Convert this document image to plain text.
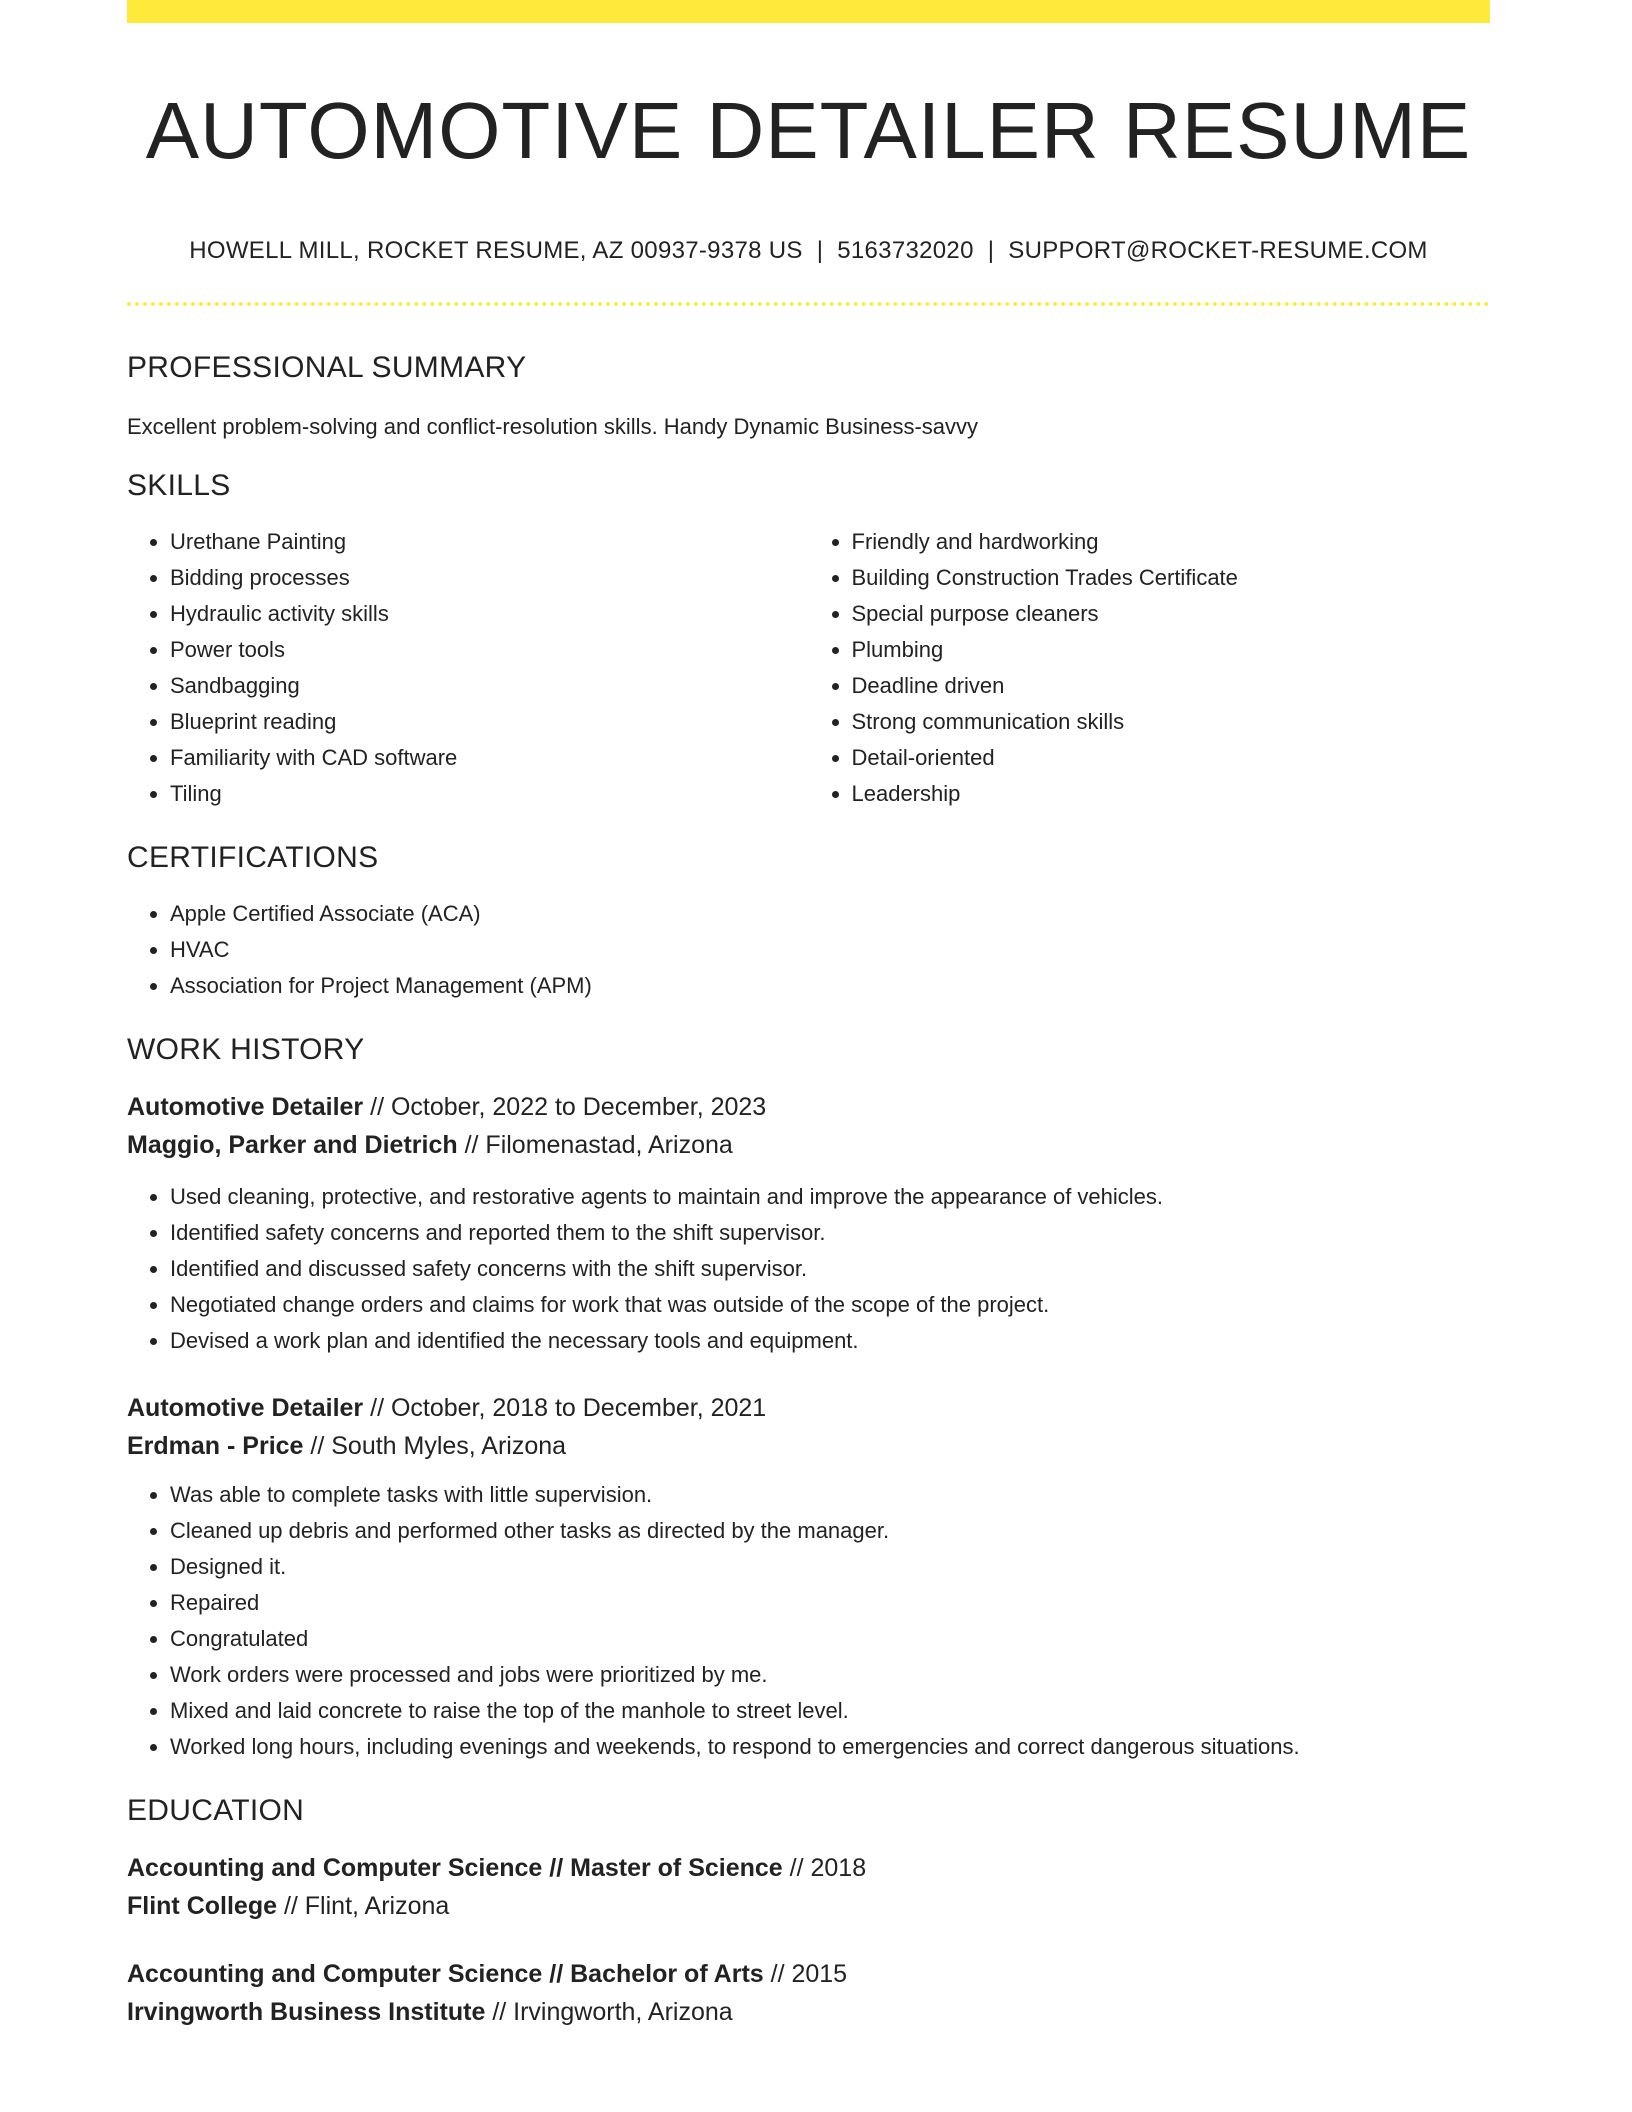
AUTOMOTIVE DETAILER RESUME
HOWELL MILL, ROCKET RESUME, AZ 00937-9378 US | 5163732020 | SUPPORT@ROCKET-RESUME.COM
PROFESSIONAL SUMMARY
Excellent problem-solving and conflict-resolution skills. Handy Dynamic Business-savvy
SKILLS
• Urethane Painting
• Bidding processes
• Hydraulic activity skills
• Power tools
• Sandbagging
• Blueprint reading
• Familiarity with CAD software
• Tiling
• Friendly and hardworking
• Building Construction Trades Certificate
• Special purpose cleaners
• Plumbing
• Deadline driven
• Strong communication skills
• Detail-oriented
• Leadership
CERTIFICATIONS
• Apple Certified Associate (ACA)
• HVAC
• Association for Project Management (APM)
WORK HISTORY
Automotive Detailer // October, 2022 to December, 2023
Maggio, Parker and Dietrich // Filomenastad, Arizona
• Used cleaning, protective, and restorative agents to maintain and improve the appearance of vehicles.
• Identified safety concerns and reported them to the shift supervisor.
• Identified and discussed safety concerns with the shift supervisor.
• Negotiated change orders and claims for work that was outside of the scope of the project.
• Devised a work plan and identified the necessary tools and equipment.
Automotive Detailer // October, 2018 to December, 2021
Erdman - Price // South Myles, Arizona
• Was able to complete tasks with little supervision.
• Cleaned up debris and performed other tasks as directed by the manager.
• Designed it.
• Repaired
• Congratulated
• Work orders were processed and jobs were prioritized by me.
• Mixed and laid concrete to raise the top of the manhole to street level.
• Worked long hours, including evenings and weekends, to respond to emergencies and correct dangerous situations.
EDUCATION
Accounting and Computer Science // Master of Science // 2018
Flint College // Flint, Arizona
Accounting and Computer Science // Bachelor of Arts // 2015
Irvingworth Business Institute // Irvingworth, Arizona
